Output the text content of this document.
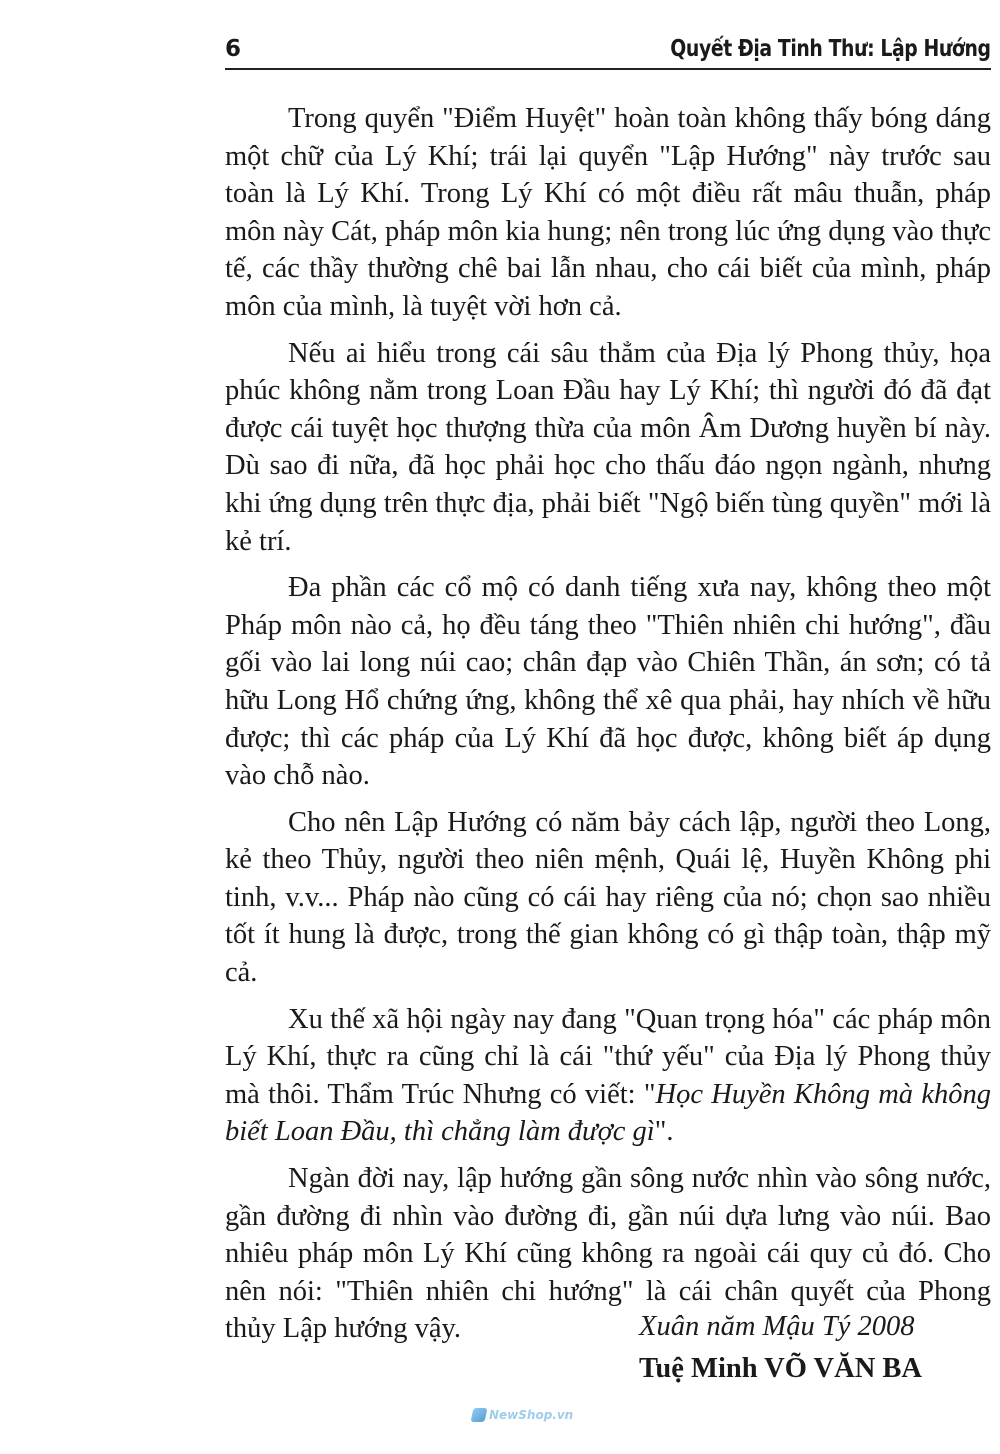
6	Quyết Địa Tinh Thư: Lập Hướng

Trong quyển "Điểm Huyệt" hoàn toàn không thấy bóng dáng một chữ của Lý Khí; trái lại quyển "Lập Hướng" này trước sau toàn là Lý Khí. Trong Lý Khí có một điều rất mâu thuẫn, pháp môn này Cát, pháp môn kia hung; nên trong lúc ứng dụng vào thực tế, các thầy thường chê bai lẫn nhau, cho cái biết của mình, pháp môn của mình, là tuyệt vời hơn cả.

Nếu ai hiểu trong cái sâu thẳm của Địa lý Phong thủy, họa phúc không nằm trong Loan Đầu hay Lý Khí; thì người đó đã đạt được cái tuyệt học thượng thừa của môn Âm Dương huyền bí này. Dù sao đi nữa, đã học phải học cho thấu đáo ngọn ngành, nhưng khi ứng dụng trên thực địa, phải biết "Ngộ biến tùng quyền" mới là kẻ trí.

Đa phần các cổ mộ có danh tiếng xưa nay, không theo một Pháp môn nào cả, họ đều táng theo "Thiên nhiên chi hướng", đầu gối vào lai long núi cao; chân đạp vào Chiên Thần, án sơn; có tả hữu Long Hổ chứng ứng, không thể xê qua phải, hay nhích về hữu được; thì các pháp của Lý Khí đã học được, không biết áp dụng vào chỗ nào.

Cho nên Lập Hướng có năm bảy cách lập, người theo Long, kẻ theo Thủy, người theo niên mệnh, Quái lệ, Huyền Không phi tinh, v.v... Pháp nào cũng có cái hay riêng của nó; chọn sao nhiều tốt ít hung là được, trong thế gian không có gì thập toàn, thập mỹ cả.

Xu thế xã hội ngày nay đang "Quan trọng hóa" các pháp môn Lý Khí, thực ra cũng chỉ là cái "thứ yếu" của Địa lý Phong thủy mà thôi. Thẩm Trúc Nhưng có viết: "Học Huyền Không mà không biết Loan Đầu, thì chẳng làm được gì".

Ngàn đời nay, lập hướng gần sông nước nhìn vào sông nước, gần đường đi nhìn vào đường đi, gần núi dựa lưng vào núi. Bao nhiêu pháp môn Lý Khí cũng không ra ngoài cái quy củ đó. Cho nên nói: "Thiên nhiên chi hướng" là cái chân quyết của Phong thủy Lập hướng vậy.	Xuân năm Mậu Tý 2008
Tuệ Minh VÕ VĂN BA
NewShop.vn
